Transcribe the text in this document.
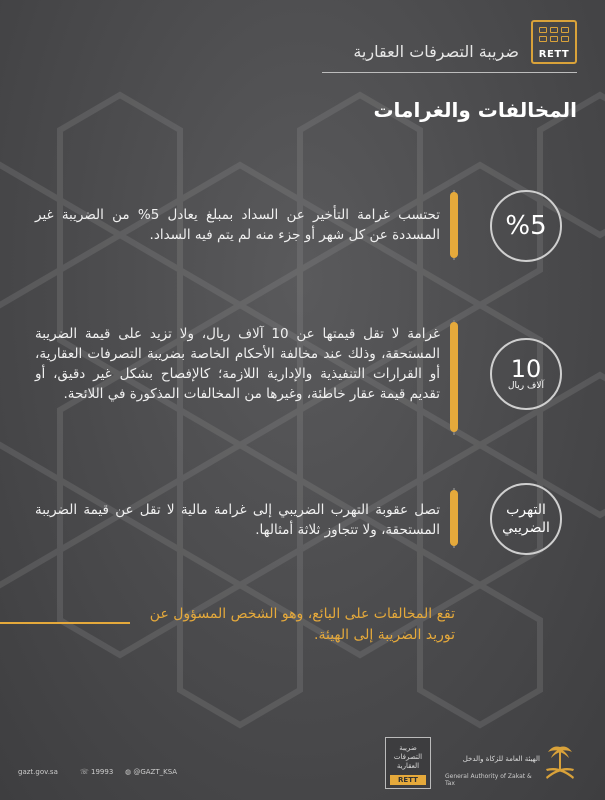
RETT
ضريبة التصرفات العقارية
المخالفات والغرامات
%5
تحتسب غرامة التأخير عن السداد بمبلغ يعادل 5% من الضريبة غير المسددة عن كل شهر أو جزء منه لم يتم فيه السداد.
10
آلاف ريال
غرامة لا تقل قيمتها عن 10 آلاف ريال، ولا تزيد على قيمة الضريبة المستحقة، وذلك عند مخالفة الأحكام الخاصة بضريبة التصرفات العقارية، أو القرارات التنفيذية والإدارية اللازمة؛ كالإفصاح بشكل غير دقيق، أو تقديم قيمة عقار خاطئة، وغيرها من المخالفات المذكورة في اللائحة.
التهرب الضريبي
تصل عقوبة التهرب الضريبي إلى غرامة مالية لا تقل عن قيمة الضريبة المستحقة، ولا تتجاوز ثلاثة أمثالها.
تقع المخالفات على البائع، وهو الشخص المسؤول عن توريد الضريبة إلى الهيئة.
الهيئة العامة للزكاة والدخل
General Authority of Zakat & Tax
ضريبة التصرفات العقارية
RETT
◍ @GAZT_KSA
☏ 19993
gazt.gov.sa
